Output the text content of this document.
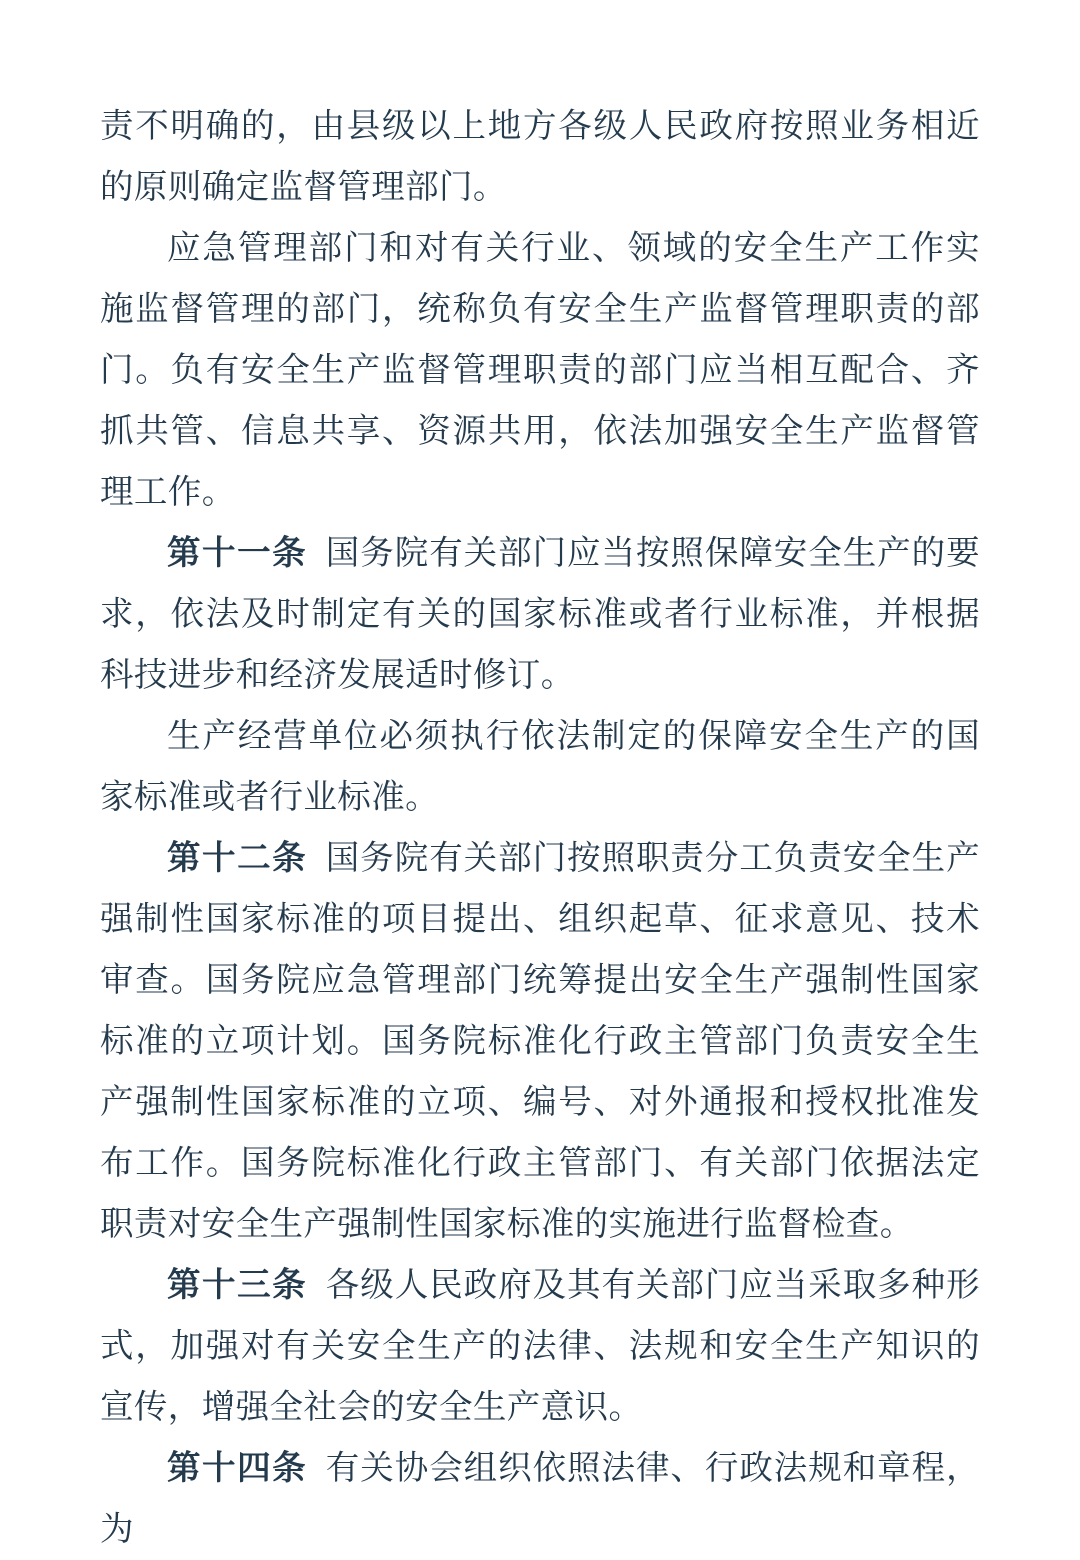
责不明确的，由县级以上地方各级人民政府按照业务相近的原则确定监督管理部门。

应急管理部门和对有关行业、领域的安全生产工作实施监督管理的部门，统称负有安全生产监督管理职责的部门。负有安全生产监督管理职责的部门应当相互配合、齐抓共管、信息共享、资源共用，依法加强安全生产监督管理工作。

第十一条 国务院有关部门应当按照保障安全生产的要求，依法及时制定有关的国家标准或者行业标准，并根据科技进步和经济发展适时修订。

生产经营单位必须执行依法制定的保障安全生产的国家标准或者行业标准。

第十二条 国务院有关部门按照职责分工负责安全生产强制性国家标准的项目提出、组织起草、征求意见、技术审查。国务院应急管理部门统筹提出安全生产强制性国家标准的立项计划。国务院标准化行政主管部门负责安全生产强制性国家标准的立项、编号、对外通报和授权批准发布工作。国务院标准化行政主管部门、有关部门依据法定职责对安全生产强制性国家标准的实施进行监督检查。

第十三条 各级人民政府及其有关部门应当采取多种形式，加强对有关安全生产的法律、法规和安全生产知识的宣传，增强全社会的安全生产意识。

第十四条 有关协会组织依照法律、行政法规和章程，为
